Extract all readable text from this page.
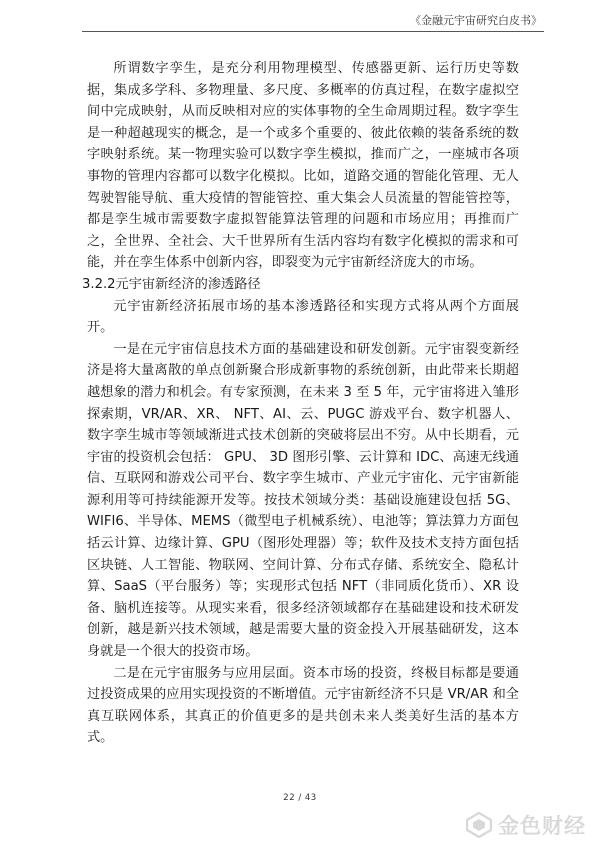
《金融元宇宙研究白皮书》

所谓数字孪生，是充分利用物理模型、传感器更新、运行历史等数据，集成多学科、多物理量、多尺度、多概率的仿真过程，在数字虚拟空间中完成映射，从而反映相对应的实体事物的全生命周期过程。数字孪生是一种超越现实的概念，是一个或多个重要的、彼此依赖的装备系统的数字映射系统。某一物理实验可以数字孪生模拟，推而广之，一座城市各项事物的管理内容都可以数字化模拟。比如，道路交通的智能化管理、无人驾驶智能导航、重大疫情的智能管控、重大集会人员流量的智能管控等，都是孪生城市需要数字虚拟智能算法管理的问题和市场应用；再推而广之，全世界、全社会、大千世界所有生活内容均有数字化模拟的需求和可能，并在孪生体系中创新内容，即裂变为元宇宙新经济庞大的市场。

3.2.2元宇宙新经济的渗透路径

元宇宙新经济拓展市场的基本渗透路径和实现方式将从两个方面展开。

一是在元宇宙信息技术方面的基础建设和研发创新。元宇宙裂变新经济是将大量离散的单点创新聚合形成新事物的系统创新，由此带来长期超越想象的潜力和机会。有专家预测，在未来 3 至 5 年，元宇宙将进入雏形探索期，VR/AR、XR、 NFT、AI、云、PUGC 游戏平台、数字机器人、数字孪生城市等领域渐进式技术创新的突破将层出不穷。从中长期看，元宇宙的投资机会包括： GPU、 3D 图形引擎、云计算和 IDC、高速无线通信、互联网和游戏公司平台、数字孪生城市、产业元宇宙化、元宇宙新能源利用等可持续能源开发等。按技术领域分类：基础设施建设包括 5G、WIFI6、半导体、MEMS（微型电子机械系统）、电池等；算法算力方面包括云计算、边缘计算、GPU（图形处理器）等；软件及技术支持方面包括区块链、人工智能、物联网、空间计算、分布式存储、系统安全、隐私计算、SaaS（平台服务）等；实现形式包括 NFT（非同质化货币）、XR 设备、脑机连接等。从现实来看，很多经济领域都存在基础建设和技术研发创新，越是新兴技术领域，越是需要大量的资金投入开展基础研发，这本身就是一个很大的投资市场。

二是在元宇宙服务与应用层面。资本市场的投资，终极目标都是要通过投资成果的应用实现投资的不断增值。元宇宙新经济不只是 VR/AR 和全真互联网体系，其真正的价值更多的是共创未来人类美好生活的基本方式。

22 / 43
金色财经
